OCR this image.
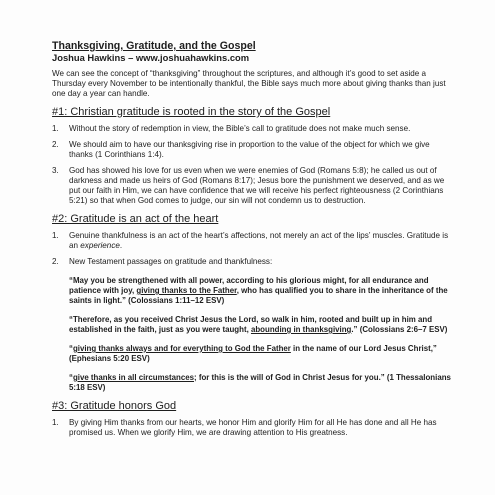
Thanksgiving, Gratitude, and the Gospel
Joshua Hawkins – www.joshuahawkins.com
We can see the concept of “thanksgiving” throughout the scriptures, and although it’s good to set aside a Thursday every November to be intentionally thankful, the Bible says much more about giving thanks than just one day a year can handle.
#1: Christian gratitude is rooted in the story of the Gospel
1. Without the story of redemption in view, the Bible’s call to gratitude does not make much sense.
2. We should aim to have our thanksgiving rise in proportion to the value of the object for which we give thanks (1 Corinthians 1:4).
3. God has showed his love for us even when we were enemies of God (Romans 5:8); he called us out of darkness and made us heirs of God (Romans 8:17); Jesus bore the punishment we deserved, and as we put our faith in Him, we can have confidence that we will receive his perfect righteousness (2 Corinthians 5:21) so that when God comes to judge, our sin will not condemn us to destruction.
#2: Gratitude is an act of the heart
1. Genuine thankfulness is an act of the heart’s affections, not merely an act of the lips’ muscles. Gratitude is an experience.
2. New Testament passages on gratitude and thankfulness:
“May you be strengthened with all power, according to his glorious might, for all endurance and patience with joy, giving thanks to the Father, who has qualified you to share in the inheritance of the saints in light.” (Colossians 1:11–12 ESV)
“Therefore, as you received Christ Jesus the Lord, so walk in him, rooted and built up in him and established in the faith, just as you were taught, abounding in thanksgiving.” (Colossians 2:6–7 ESV)
“giving thanks always and for everything to God the Father in the name of our Lord Jesus Christ,” (Ephesians 5:20 ESV)
“give thanks in all circumstances; for this is the will of God in Christ Jesus for you.” (1 Thessalonians 5:18 ESV)
#3: Gratitude honors God
1. By giving Him thanks from our hearts, we honor Him and glorify Him for all He has done and all He has promised us. When we glorify Him, we are drawing attention to His greatness.
